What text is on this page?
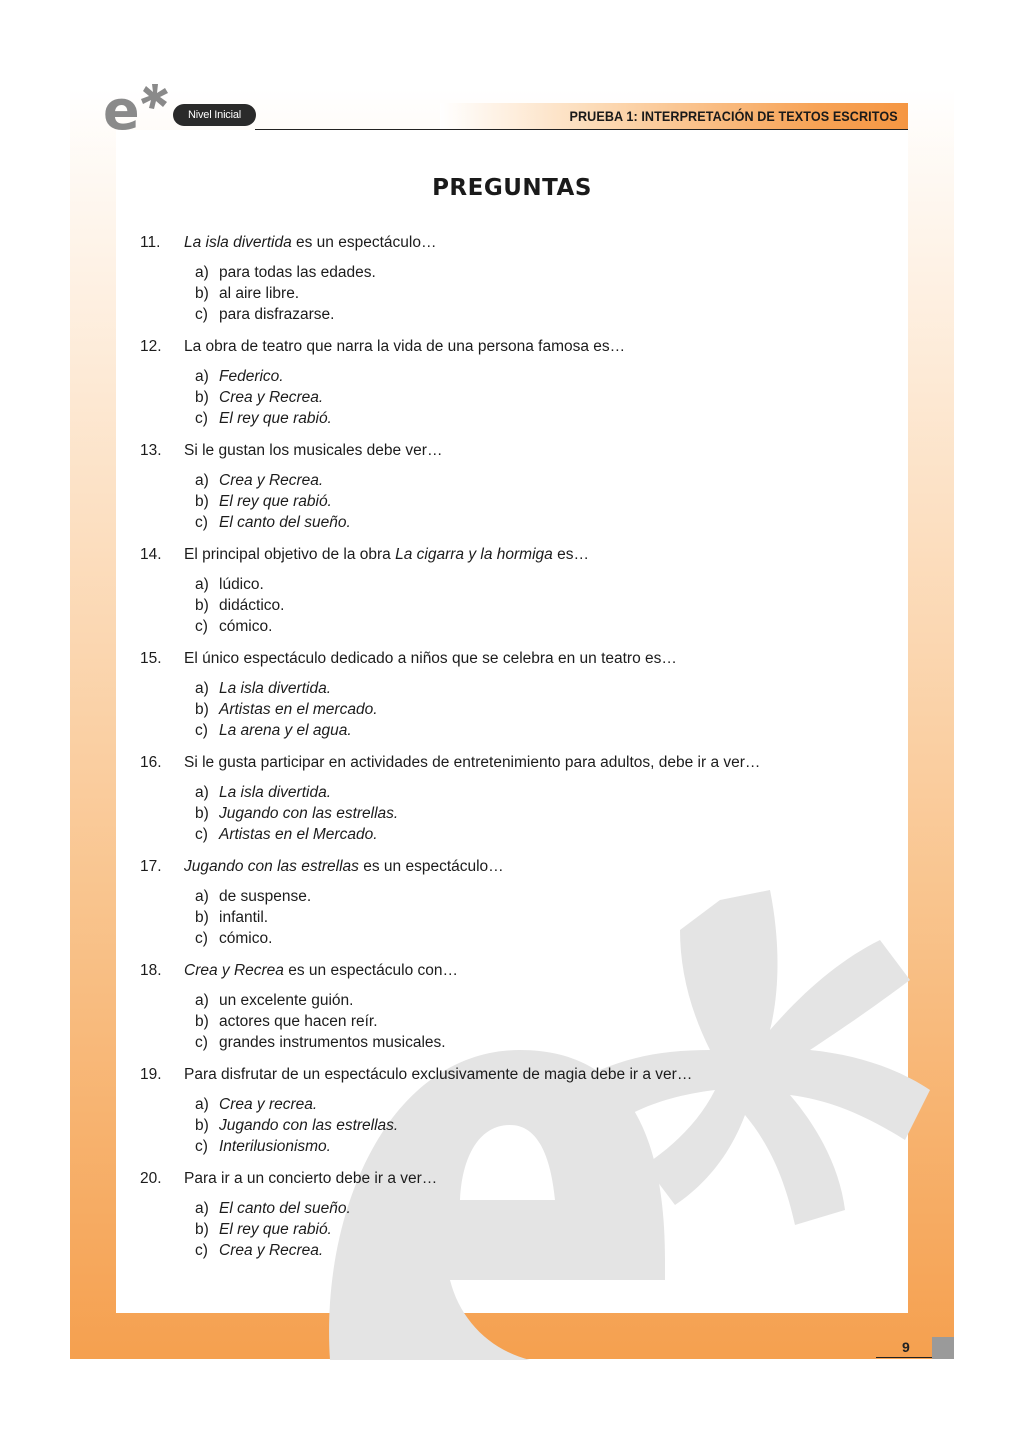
e	Nivel Inicial	PRUEBA 1: INTERPRETACIÓN DE TEXTOS ESCRITOS
PREGUNTAS
11.	La isla divertida es un espectáculo…
a) para todas las edades.
b) al aire libre.
c) para disfrazarse.
12.	La obra de teatro que narra la vida de una persona famosa es…
a) Federico.
b) Crea y Recrea.
c) El rey que rabió.
13.	Si le gustan los musicales debe ver…
a) Crea y Recrea.
b) El rey que rabió.
c) El canto del sueño.
14.	El principal objetivo de la obra La cigarra y la hormiga es…
a) lúdico.
b) didáctico.
c) cómico.
15.	El único espectáculo dedicado a niños que se celebra en un teatro es…
a) La isla divertida.
b) Artistas en el mercado.
c) La arena y el agua.
16.	Si le gusta participar en actividades de entretenimiento para adultos, debe ir a ver…
a) La isla divertida.
b) Jugando con las estrellas.
c) Artistas en el Mercado.
17.	Jugando con las estrellas es un espectáculo…
a) de suspense.
b) infantil.
c) cómico.
18.	Crea y Recrea es un espectáculo con…
a) un excelente guión.
b) actores que hacen reír.
c) grandes instrumentos musicales.
19.	Para disfrutar de un espectáculo exclusivamente de magia debe ir a ver…
a) Crea y recrea.
b) Jugando con las estrellas.
c) Interilusionismo.
20.	Para ir a un concierto debe ir a ver…
a) El canto del sueño.
b) El rey que rabió.
c) Crea y Recrea.
9
